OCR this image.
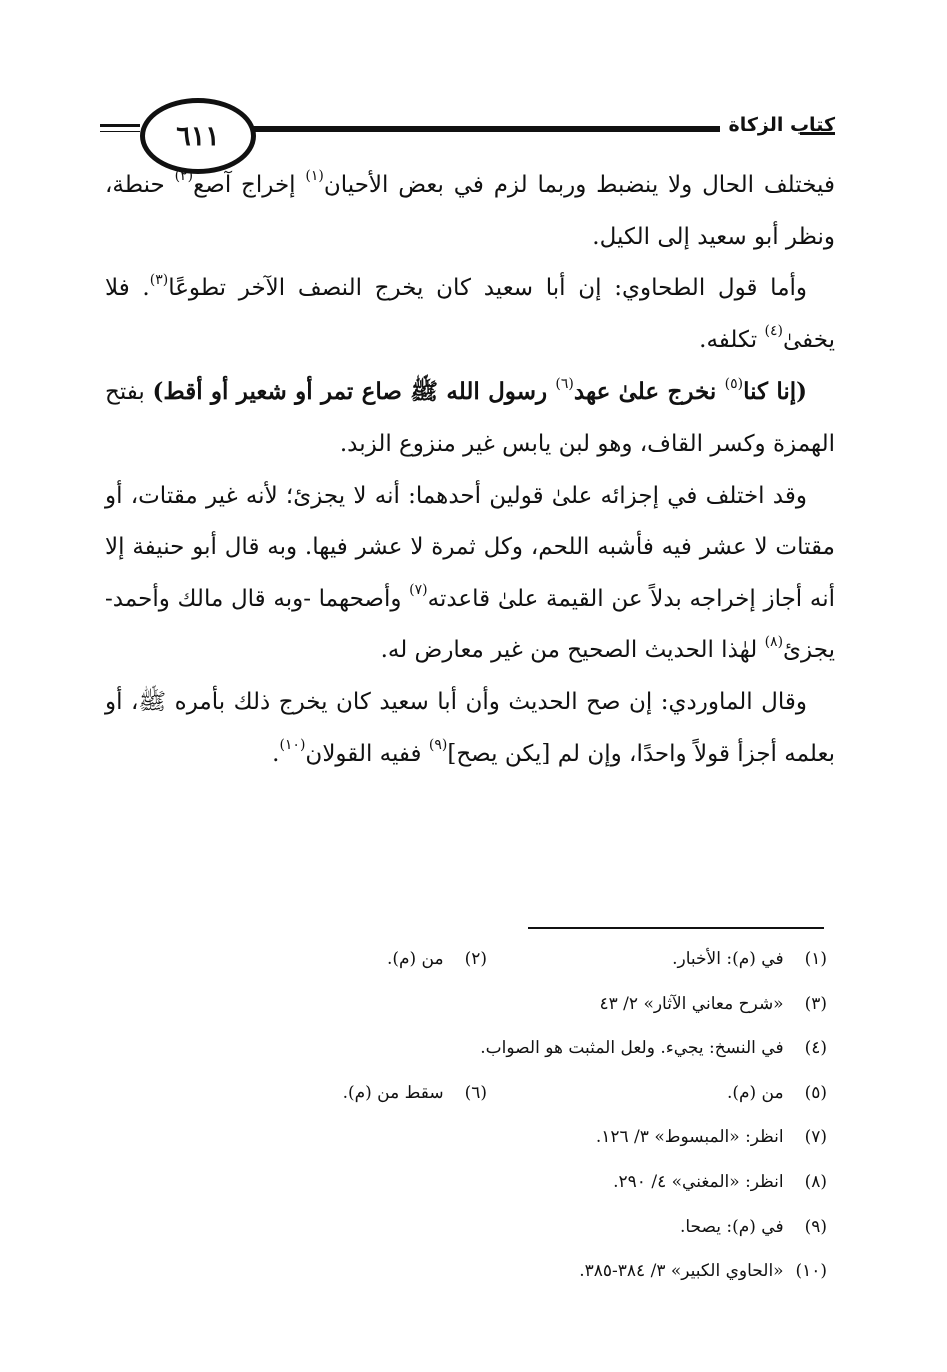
٦١١	كتاب الزكاة

فيختلف الحال ولا ينضبط وربما لزم في بعض الأحيان$^{(١)}$ إخراج آصع$^{(٢)}$ حنطة، ونظر أبو سعيد إلى الكيل.

وأما قول الطحاوي: إن أبا سعيد كان يخرج النصف الآخر تطوعًا$^{(٣)}$. فلا يخفىٰ$^{(٤)}$ تكلفه.

(إنا كنا$^{(٥)}$ نخرج علىٰ عهد$^{(٦)}$ رسول الله ﷺ صاع تمر أو شعير أو أقط) بفتح الهمزة وكسر القاف، وهو لبن يابس غير منزوع الزبد.

وقد اختلف في إجزائه علىٰ قولين أحدهما: أنه لا يجزئ؛ لأنه غير مقتات، أو مقتات لا عشر فيه فأشبه اللحم، وكل ثمرة لا عشر فيها. وبه قال أبو حنيفة إلا أنه أجاز إخراجه بدلاً عن القيمة علىٰ قاعدته$^{(٧)}$ وأصحهما -وبه قال مالك وأحمد- يجزئ$^{(٨)}$ لهٰذا الحديث الصحيح من غير معارض له.

وقال الماوردي: إن صح الحديث وأن أبا سعيد كان يخرج ذلك بأمره ﷺ، أو بعلمه أجزأ قولاً واحدًا، وإن لم [يكن يصح]$^{(٩)}$ ففيه القولان$^{(١٠)}$.

(١) في (م): الأخبار.
(٢) من (م).
(٣) «شرح معاني الآثار» ٢/ ٤٣
(٤) في النسخ: يجيء. ولعل المثبت هو الصواب.
(٥) من (م).
(٦) سقط من (م).
(٧) انظر: «المبسوط» ٣/ ١٢٦.
(٨) انظر: «المغني» ٤/ ٢٩٠.
(٩) في (م): يصحا.
(١٠) «الحاوي الكبير» ٣/ ٣٨٤-٣٨٥.
